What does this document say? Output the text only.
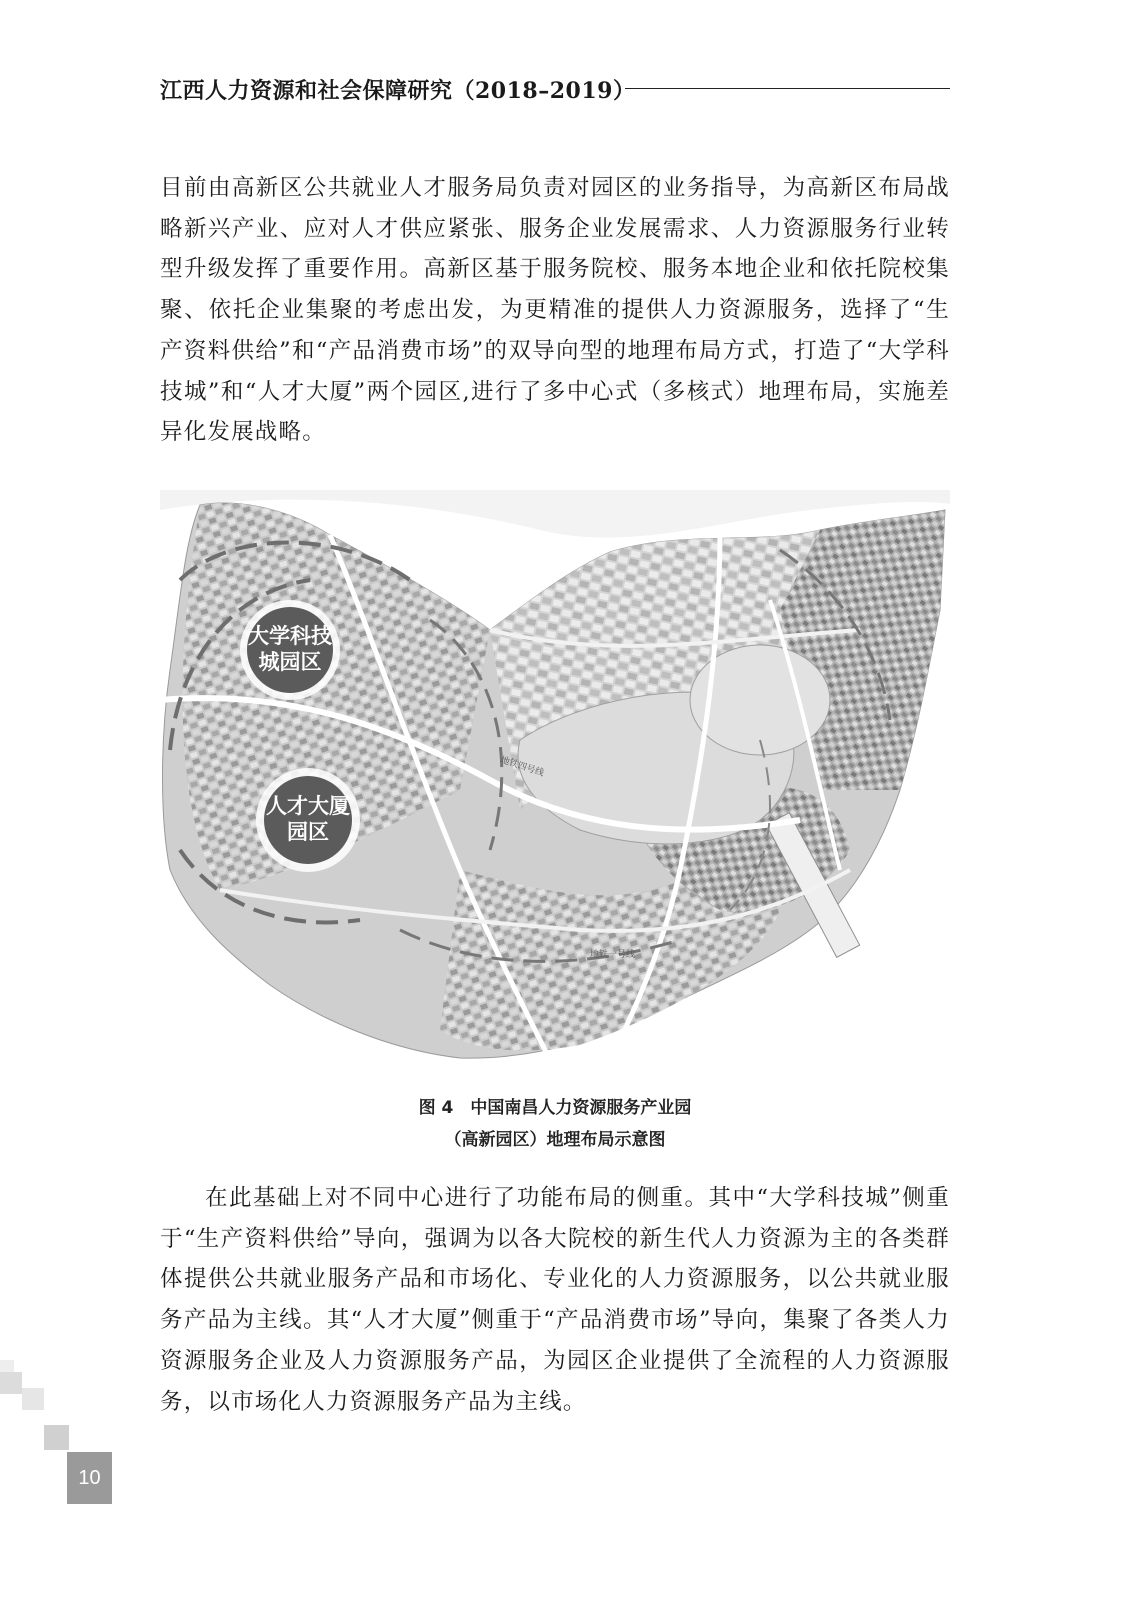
江西人力资源和社会保障研究（2018–2019）

目前由高新区公共就业人才服务局负责对园区的业务指导，为高新区布局战略新兴产业、应对人才供应紧张、服务企业发展需求、人力资源服务行业转型升级发挥了重要作用。高新区基于服务院校、服务本地企业和依托院校集聚、依托企业集聚的考虑出发，为更精准的提供人力资源服务，选择了“生产资料供给”和“产品消费市场”的双导向型的地理布局方式，打造了“大学科技城”和“人才大厦”两个园区,进行了多中心式（多核式）地理布局，实施差异化发展战略。

大学科技
城园区
人才大厦
园区
地铁四号线
地铁一号线
图 4　中国南昌人力资源服务产业园
（高新园区）地理布局示意图

在此基础上对不同中心进行了功能布局的侧重。其中“大学科技城”侧重于“生产资料供给”导向，强调为以各大院校的新生代人力资源为主的各类群体提供公共就业服务产品和市场化、专业化的人力资源服务，以公共就业服务产品为主线。其“人才大厦”侧重于“产品消费市场”导向，集聚了各类人力资源服务企业及人力资源服务产品，为园区企业提供了全流程的人力资源服务，以市场化人力资源服务产品为主线。

10
